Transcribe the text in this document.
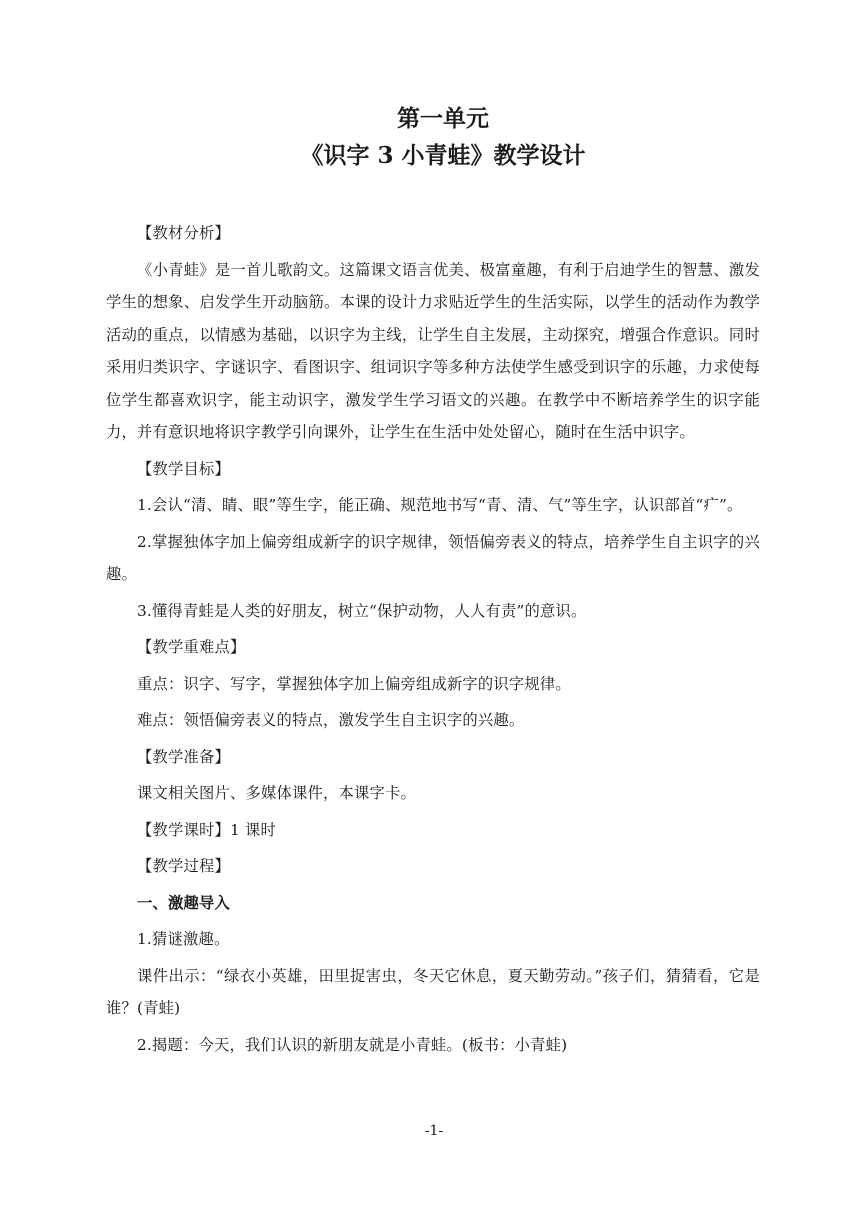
第一单元
《识字 3 小青蛙》教学设计

【教材分析】

《小青蛙》是一首儿歌韵文。这篇课文语言优美、极富童趣，有利于启迪学生的智慧、激发学生的想象、启发学生开动脑筋。本课的设计力求贴近学生的生活实际，以学生的活动作为教学活动的重点，以情感为基础，以识字为主线，让学生自主发展，主动探究，增强合作意识。同时采用归类识字、字谜识字、看图识字、组词识字等多种方法使学生感受到识字的乐趣，力求使每位学生都喜欢识字，能主动识字，激发学生学习语文的兴趣。在教学中不断培养学生的识字能力，并有意识地将识字教学引向课外，让学生在生活中处处留心，随时在生活中识字。

【教学目标】

1.会认“清、睛、眼”等生字，能正确、规范地书写“青、清、气”等生字，认识部首“疒”。

2.掌握独体字加上偏旁组成新字的识字规律，领悟偏旁表义的特点，培养学生自主识字的兴趣。

3.懂得青蛙是人类的好朋友，树立“保护动物，人人有责”的意识。

【教学重难点】

重点：识字、写字，掌握独体字加上偏旁组成新字的识字规律。

难点：领悟偏旁表义的特点，激发学生自主识字的兴趣。

【教学准备】

课文相关图片、多媒体课件，本课字卡。

【教学课时】1 课时

【教学过程】

一、激趣导入

1.猜谜激趣。

课件出示：“绿衣小英雄，田里捉害虫，冬天它休息，夏天勤劳动。”孩子们，猜猜看，它是谁？(青蛙)

2.揭题：今天，我们认识的新朋友就是小青蛙。(板书：小青蛙)

-1-
